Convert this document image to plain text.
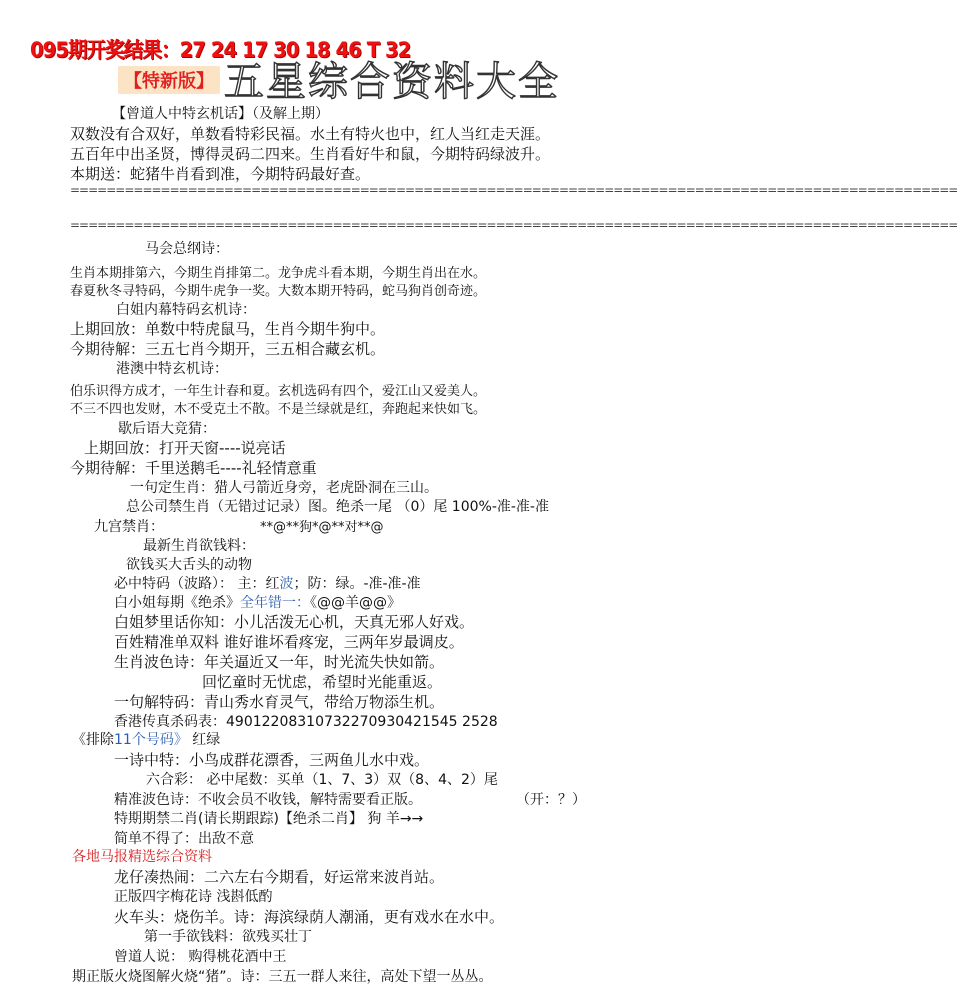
095期开奖结果：27 24 17 30 18 46 T 32
五星综合资料大全
【特新版】
【曾道人中特玄机话】（及解上期）
双数没有合双好，单数看特彩民福。水土有特火也中，红人当红走天涯。
五百年中出圣贤，博得灵码二四来。生肖看好牛和鼠，今期特码绿波升。
本期送：蛇猪牛肖看到准，今期特码最好查。
==================================================================================================
==================================================================================================
马会总纲诗：
生肖本期排第六，今期生肖排第二。龙争虎斗看本期，今期生肖出在水。
春夏秋冬寻特码，今期牛虎争一奖。大数本期开特码，蛇马狗肖创奇迹。
白姐内幕特码玄机诗：
上期回放：单数中特虎鼠马，生肖今期牛狗中。
今期待解：三五七肖今期开，三五相合藏玄机。
港澳中特玄机诗：
伯乐识得方成才，一年生计春和夏。玄机选码有四个，爱江山又爱美人。
不三不四也发财，木不受克土不散。不是兰绿就是红，奔跑起来快如飞。
歇后语大竞猜：
上期回放：打开天窗----说亮话
今期待解：千里送鹅毛----礼轻情意重
一句定生肖：猎人弓箭近身旁，老虎卧洞在三山。
总公司禁生肖（无错过记录）图。绝杀一尾 （0）尾 100%-准-准-准
九宫禁肖：	**@**狗*@**对**@
最新生肖欲钱料：
欲钱买大舌头的动物
必中特码（波路）： 主：红波；防：绿。-准-准-准
白小姐每期《绝杀》全年错一：《@@羊@@》
白姐梦里话你知：小儿活泼无心机，天真无邪人好戏。
百姓精准单双料 谁好谁坏看疼宠，三两年岁最调皮。
生肖波色诗：年关逼近又一年，时光流失快如箭。
回忆童时无忧虑，希望时光能重返。
一句解特码：青山秀水育灵气，带给万物添生机。
香港传真杀码表：49012208310732270930421545 2528
《排除11个号码》 红绿
一诗中特：小鸟成群花漂香，三两鱼儿水中戏。
六合彩： 必中尾数：买单（1、7、3）双（8、4、2）尾
精准波色诗：不收会员不收钱，解特需要看正版。	（开：？）
特期期禁二肖(请长期跟踪)【绝杀二肖】 狗 羊→→
简单不得了：出敌不意
各地马报精选综合资料
龙仔凑热闹：二六左右今期看，好运常来波肖站。
正版四字梅花诗 浅斟低酌
火车头：烧伤羊。诗：海滨绿荫人潮涌，更有戏水在水中。
第一手欲钱料：欲残买壮丁
曾道人说： 购得桃花酒中王
期正版火烧图解火烧“猪”。诗：三五一群人来往，高处下望一丛丛。
